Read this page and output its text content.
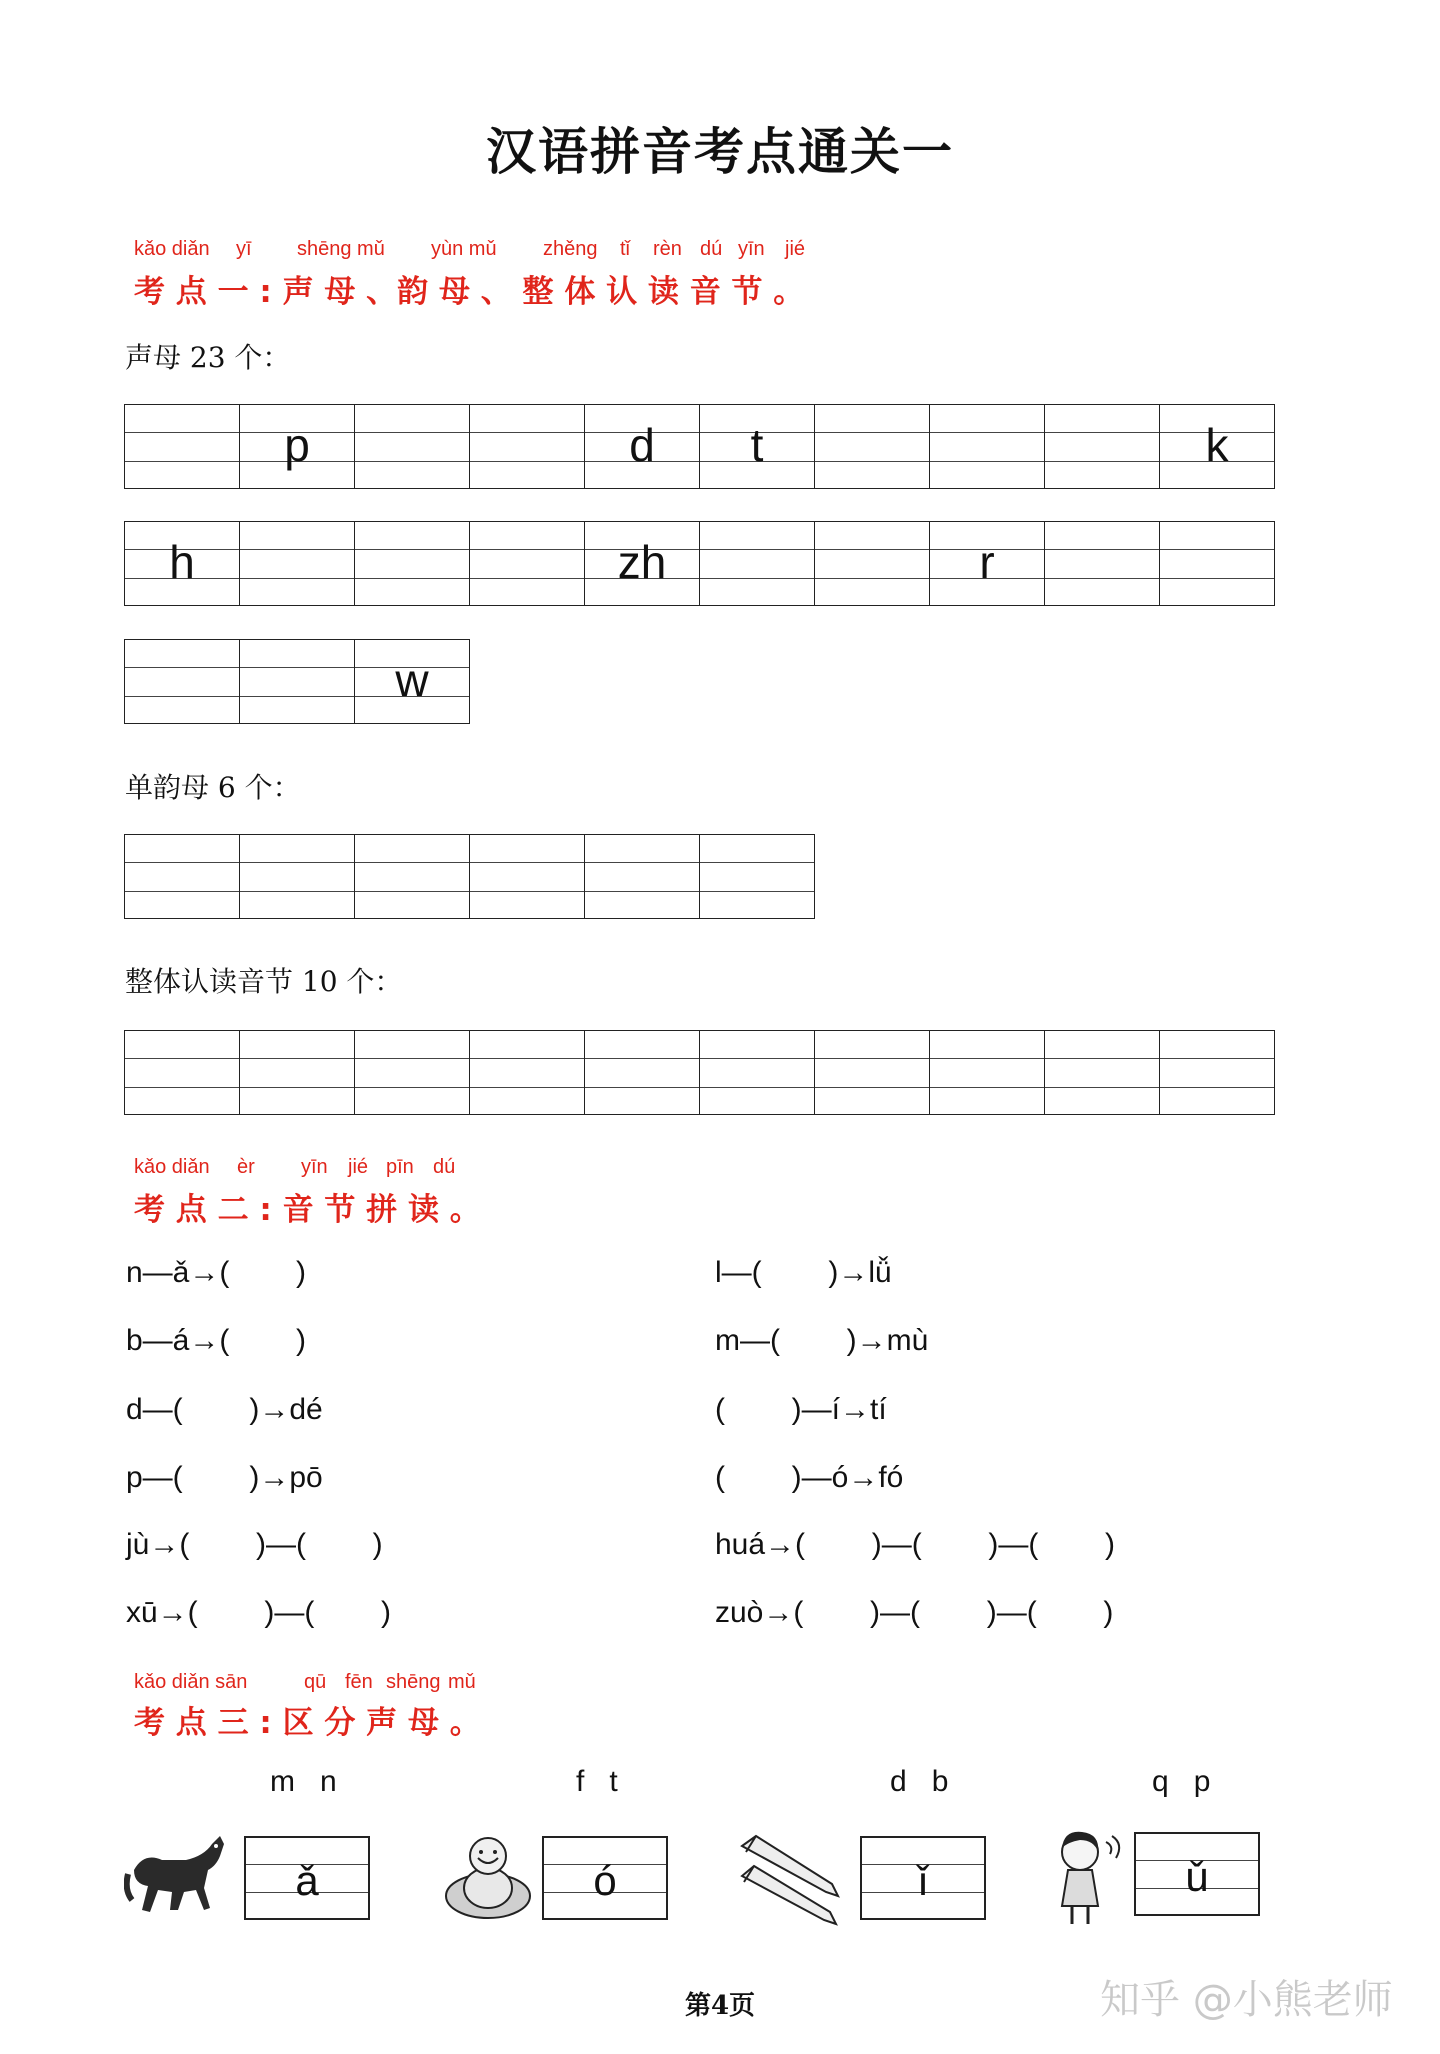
汉语拼音考点通关一
kǎo diǎn yī shēng mǔ yùn mǔ zhěng tǐ rèn dú yīn jié
考 点 一 : 声 母 、韵 母 、 整 体 认 读 音 节 。
声母 23 个：
p	d	t	k
h	zh	r
w
单韵母 6 个：
整体认读音节 10 个：
kǎo diǎn èr yīn jié pīn dú
考 点 二 : 音 节 拼 读 。
n—ǎ→(        )
b—á→(        )
d—(        )→dé
p—(        )→pō
jù→(        )—(        )
xū→(        )—(        )
l—(        )→lǚ
m—(        )→mù
(        )—í→tí
(        )—ó→fó
huá→(        )—(        )—(        )
zuò→(        )—(        )—(        )
kǎo diǎn sān	qū fēn shēng mǔ
考 点 三 : 区 分 声 母 。
m   n	f   t	d   b	q   p
ǎ	ó	ǐ	ǔ
第4页	知乎 @小熊老师
